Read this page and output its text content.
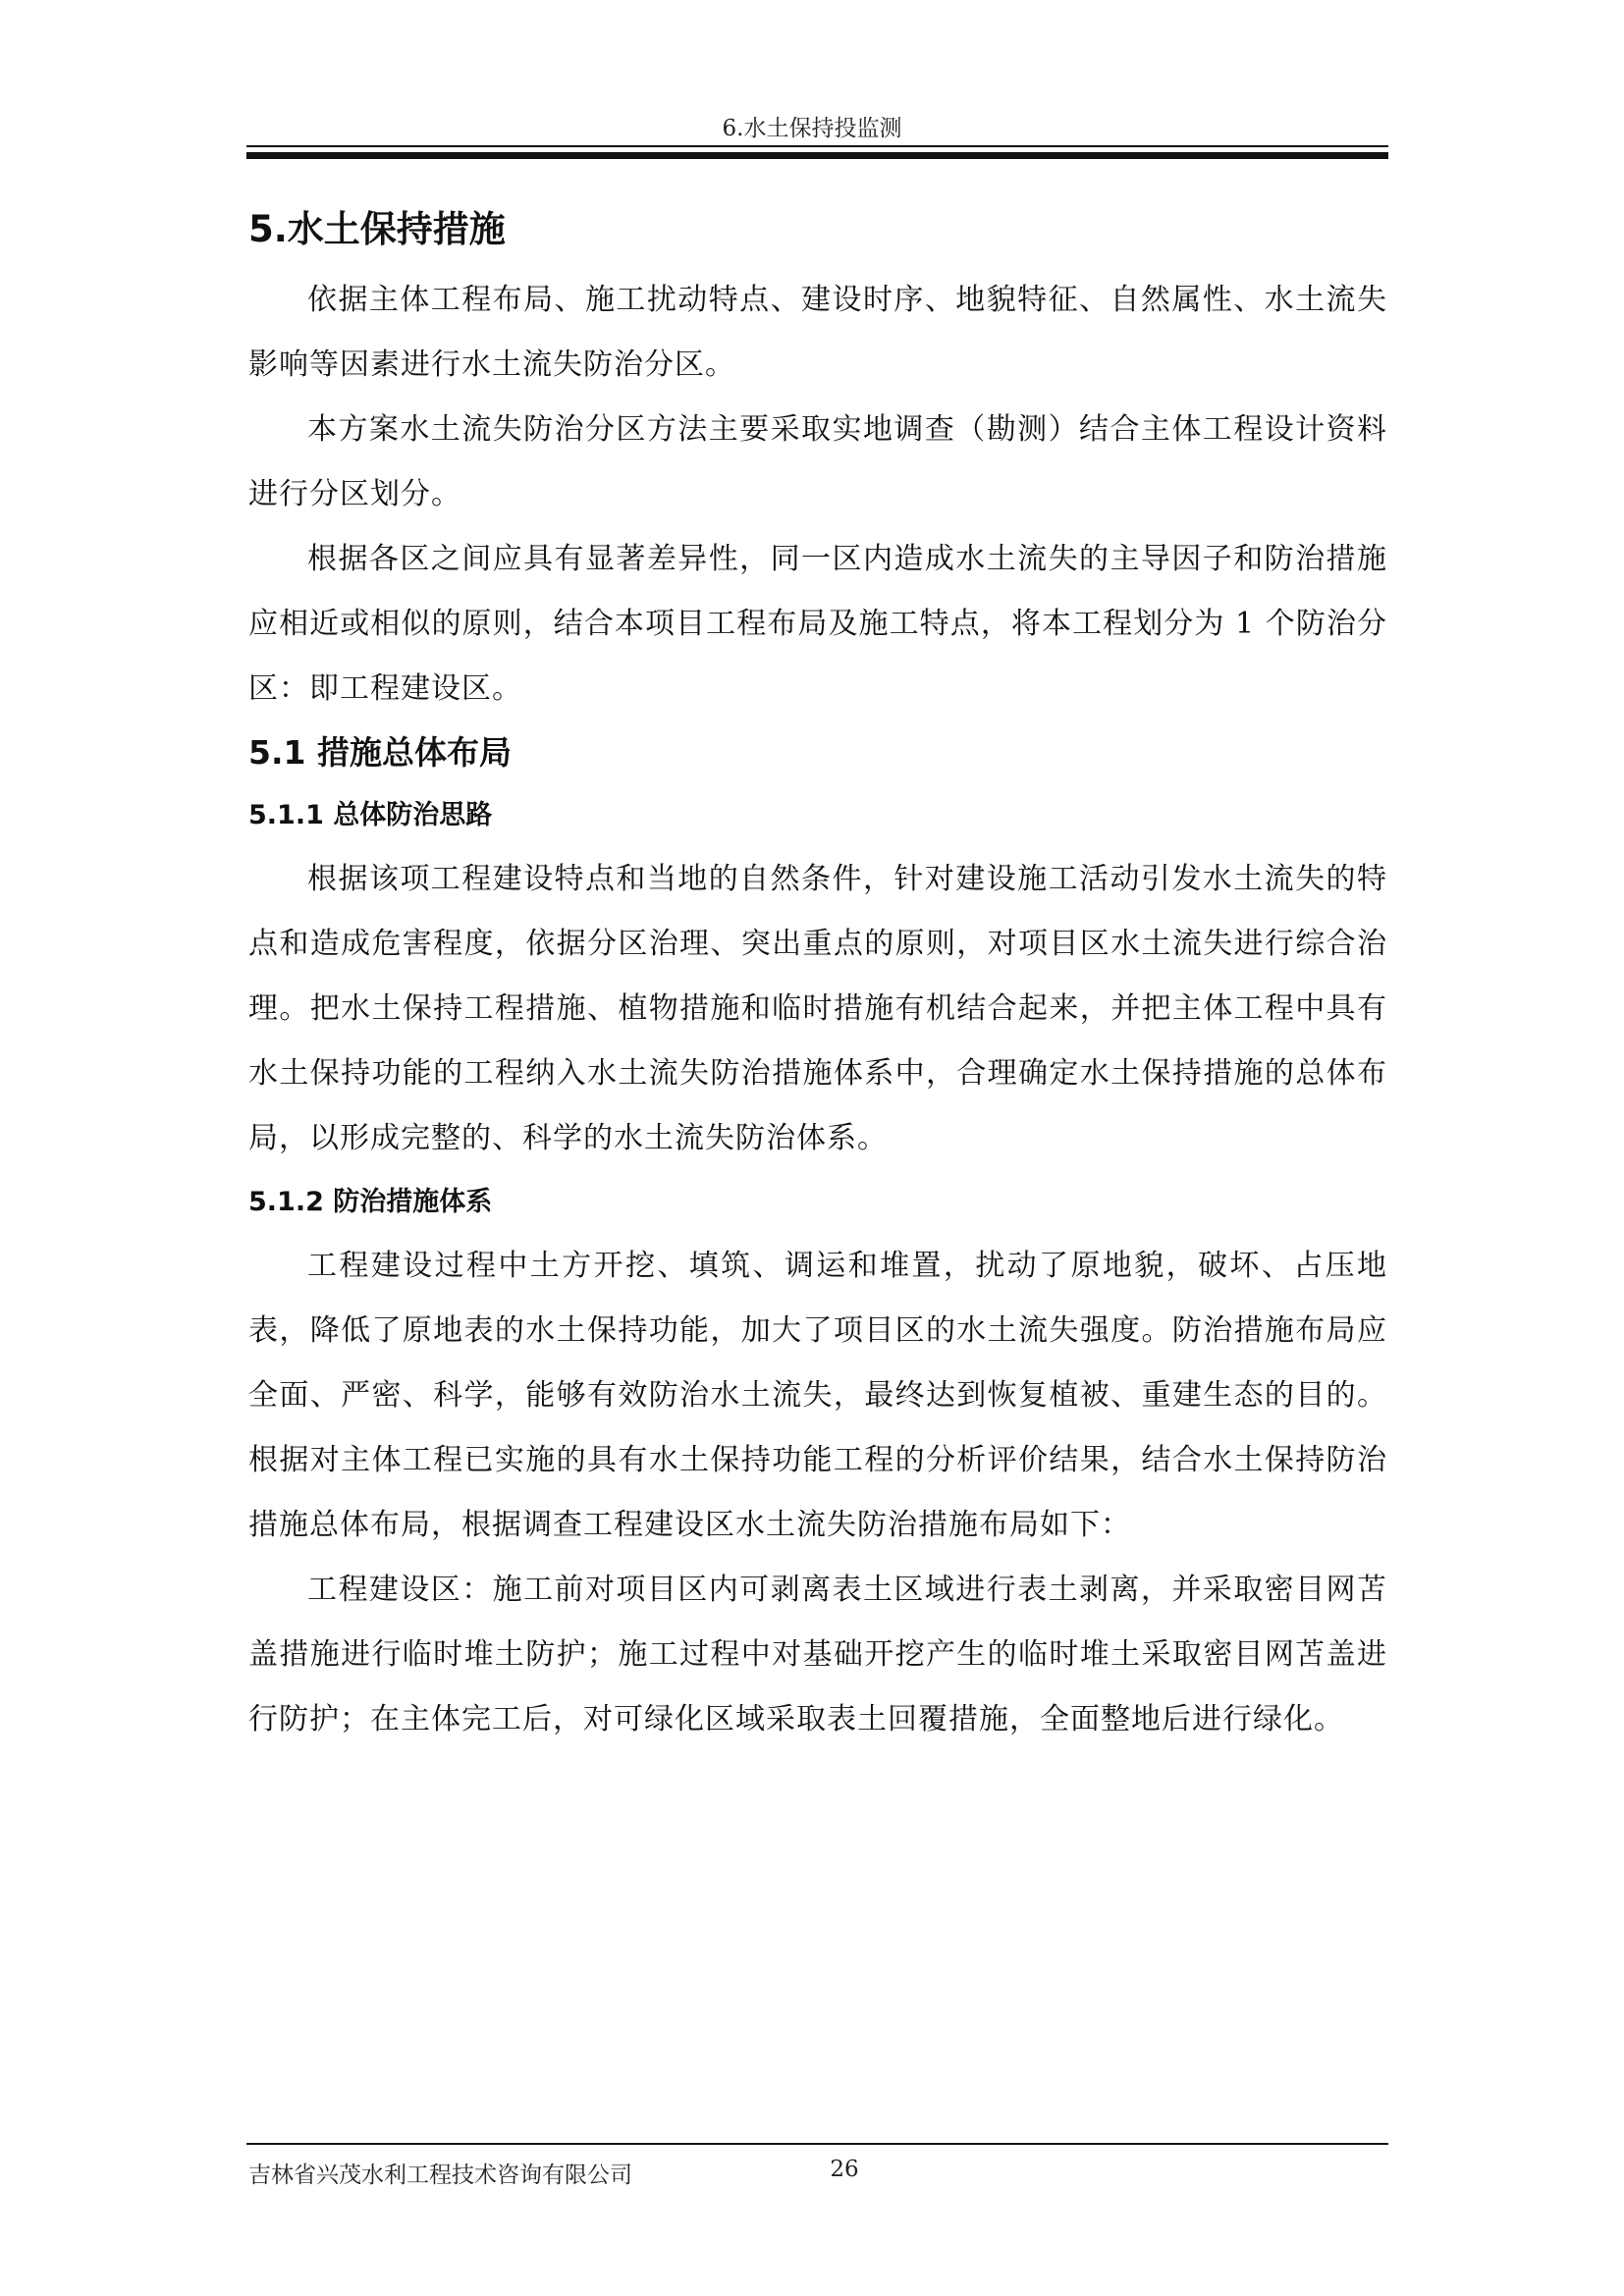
6.水土保持投监测
5.水土保持措施

依据主体工程布局、施工扰动特点、建设时序、地貌特征、自然属性、水土流失影响等因素进行水土流失防治分区。

本方案水土流失防治分区方法主要采取实地调查（勘测）结合主体工程设计资料进行分区划分。

根据各区之间应具有显著差异性，同一区内造成水土流失的主导因子和防治措施应相近或相似的原则，结合本项目工程布局及施工特点，将本工程划分为 1 个防治分区：即工程建设区。

5.1 措施总体布局
5.1.1 总体防治思路

根据该项工程建设特点和当地的自然条件，针对建设施工活动引发水土流失的特点和造成危害程度，依据分区治理、突出重点的原则，对项目区水土流失进行综合治理。把水土保持工程措施、植物措施和临时措施有机结合起来，并把主体工程中具有水土保持功能的工程纳入水土流失防治措施体系中，合理确定水土保持措施的总体布局，以形成完整的、科学的水土流失防治体系。

5.1.2 防治措施体系

工程建设过程中土方开挖、填筑、调运和堆置，扰动了原地貌，破坏、占压地表，降低了原地表的水土保持功能，加大了项目区的水土流失强度。防治措施布局应全面、严密、科学，能够有效防治水土流失，最终达到恢复植被、重建生态的目的。根据对主体工程已实施的具有水土保持功能工程的分析评价结果，结合水土保持防治措施总体布局，根据调查工程建设区水土流失防治措施布局如下：

工程建设区：施工前对项目区内可剥离表土区域进行表土剥离，并采取密目网苫盖措施进行临时堆土防护；施工过程中对基础开挖产生的临时堆土采取密目网苫盖进行防护；在主体完工后，对可绿化区域采取表土回覆措施，全面整地后进行绿化。

吉林省兴茂水利工程技术咨询有限公司	26
